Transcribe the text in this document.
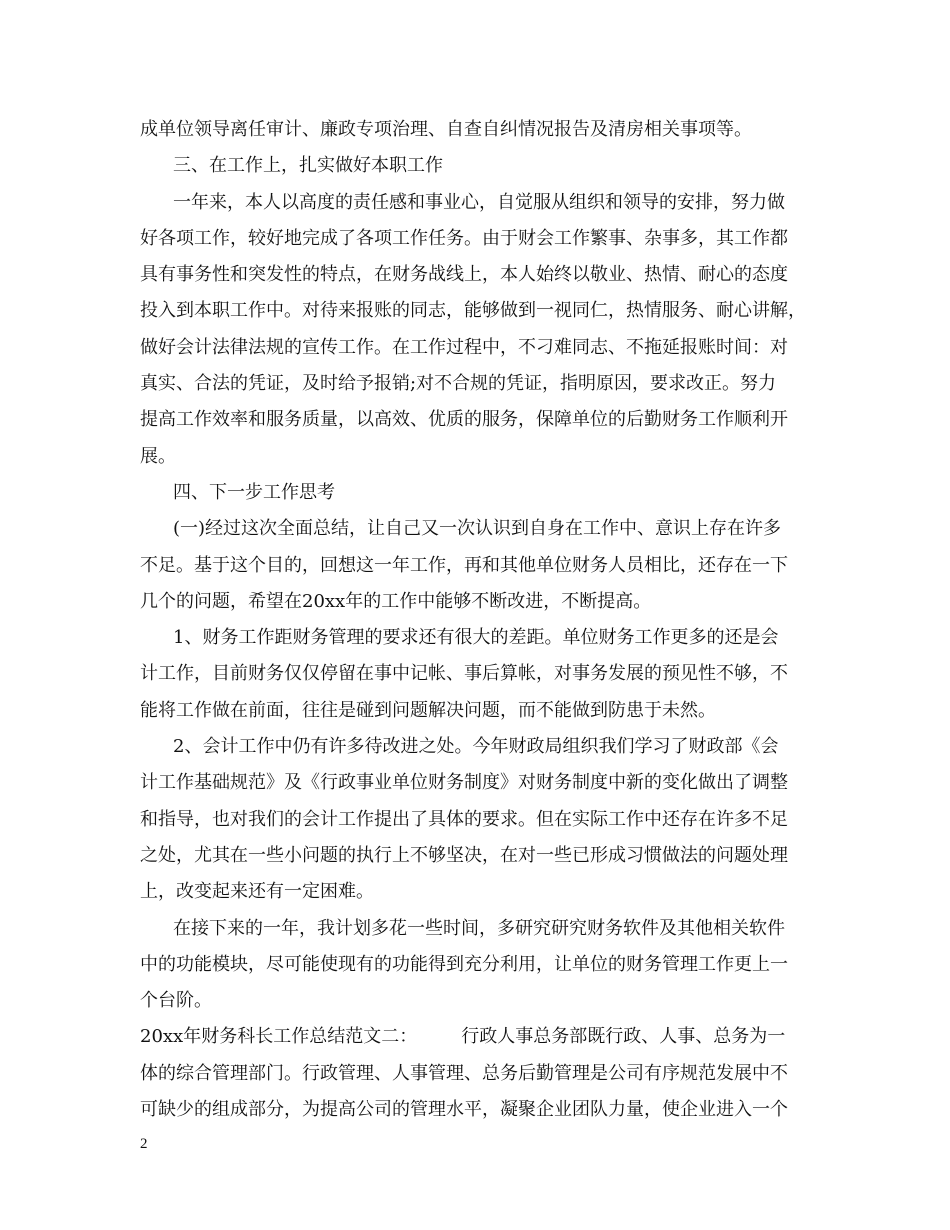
成单位领导离任审计、廉政专项治理、自查自纠情况报告及清房相关事项等。
三、在工作上，扎实做好本职工作
一年来，本人以高度的责任感和事业心，自觉服从组织和领导的安排，努力做
好各项工作，较好地完成了各项工作任务。由于财会工作繁事、杂事多，其工作都
具有事务性和突发性的特点，在财务战线上，本人始终以敬业、热情、耐心的态度
投入到本职工作中。对待来报账的同志，能够做到一视同仁，热情服务、耐心讲解，
做好会计法律法规的宣传工作。在工作过程中，不刁难同志、不拖延报账时间：对
真实、合法的凭证，及时给予报销;对不合规的凭证，指明原因，要求改正。努力
提高工作效率和服务质量，以高效、优质的服务，保障单位的后勤财务工作顺利开
展。
四、下一步工作思考
(一)经过这次全面总结，让自己又一次认识到自身在工作中、意识上存在许多
不足。基于这个目的，回想这一年工作，再和其他单位财务人员相比，还存在一下
几个的问题，希望在20xx年的工作中能够不断改进，不断提高。
1、财务工作距财务管理的要求还有很大的差距。单位财务工作更多的还是会
计工作，目前财务仅仅停留在事中记帐、事后算帐，对事务发展的预见性不够，不
能将工作做在前面，往往是碰到问题解决问题，而不能做到防患于未然。
2、会计工作中仍有许多待改进之处。今年财政局组织我们学习了财政部《会
计工作基础规范》及《行政事业单位财务制度》对财务制度中新的变化做出了调整
和指导，也对我们的会计工作提出了具体的要求。但在实际工作中还存在许多不足
之处，尤其在一些小问题的执行上不够坚决，在对一些已形成习惯做法的问题处理
上，改变起来还有一定困难。
在接下来的一年，我计划多花一些时间，多研究研究财务软件及其他相关软件
中的功能模块，尽可能使现有的功能得到充分利用，让单位的财务管理工作更上一
个台阶。
20xx年财务科长工作总结范文二： 行政人事总务部既行政、人事、总务为一
体的综合管理部门。行政管理、人事管理、总务后勤管理是公司有序规范发展中不
可缺少的组成部分，为提高公司的管理水平，凝聚企业团队力量，使企业进入一个
2
